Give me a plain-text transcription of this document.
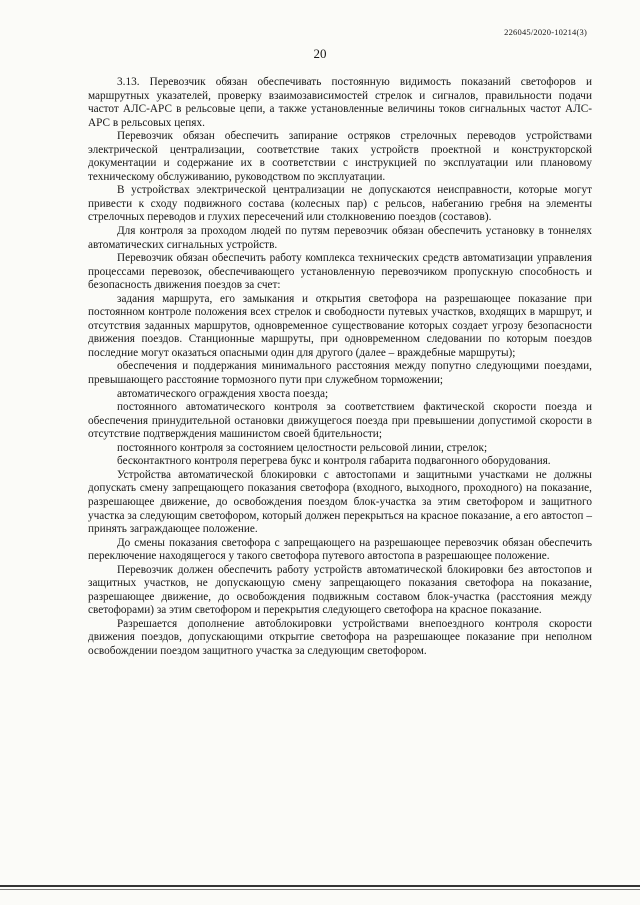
226045/2020-10214(3)
20

3.13. Перевозчик обязан обеспечивать постоянную видимость показаний светофоров и маршрутных указателей, проверку взаимозависимостей стрелок и сигналов, правильности подачи частот АЛС-АРС в рельсовые цепи, а также установленные величины токов сигнальных частот АЛС-АРС в рельсовых цепях.

Перевозчик обязан обеспечить запирание остряков стрелочных переводов устройствами электрической централизации, соответствие таких устройств проектной и конструкторской документации и содержание их в соответствии с инструкцией по эксплуатации или плановому техническому обслуживанию, руководством по эксплуатации.

В устройствах электрической централизации не допускаются неисправности, которые могут привести к сходу подвижного состава (колесных пар) с рельсов, набеганию гребня на элементы стрелочных переводов и глухих пересечений или столкновению поездов (составов).

Для контроля за проходом людей по путям перевозчик обязан обеспечить установку в тоннелях автоматических сигнальных устройств.

Перевозчик обязан обеспечить работу комплекса технических средств автоматизации управления процессами перевозок, обеспечивающего установленную перевозчиком пропускную способность и безопасность движения поездов за счет:

задания маршрута, его замыкания и открытия светофора на разрешающее показание при постоянном контроле положения всех стрелок и свободности путевых участков, входящих в маршрут, и отсутствия заданных маршрутов, одновременное существование которых создает угрозу безопасности движения поездов. Станционные маршруты, при одновременном следовании по которым поездов последние могут оказаться опасными один для другого (далее – враждебные маршруты);

обеспечения и поддержания минимального расстояния между попутно следующими поездами, превышающего расстояние тормозного пути при служебном торможении;

автоматического ограждения хвоста поезда;

постоянного автоматического контроля за соответствием фактической скорости поезда и обеспечения принудительной остановки движущегося поезда при превышении допустимой скорости в отсутствие подтверждения машинистом своей бдительности;

постоянного контроля за состоянием целостности рельсовой линии, стрелок;

бесконтактного контроля перегрева букс и контроля габарита подвагонного оборудования.

Устройства автоматической блокировки с автостопами и защитными участками не должны допускать смену запрещающего показания светофора (входного, выходного, проходного) на показание, разрешающее движение, до освобождения поездом блок-участка за этим светофором и защитного участка за следующим светофором, который должен перекрыться на красное показание, а его автостоп – принять заграждающее положение.

До смены показания светофора с запрещающего на разрешающее перевозчик обязан обеспечить переключение находящегося у такого светофора путевого автостопа в разрешающее положение.

Перевозчик должен обеспечить работу устройств автоматической блокировки без автостопов и защитных участков, не допускающую смену запрещающего показания светофора на показание, разрешающее движение, до освобождения подвижным составом блок-участка (расстояния между светофорами) за этим светофором и перекрытия следующего светофора на красное показание.

Разрешается дополнение автоблокировки устройствами внепоездного контроля скорости движения поездов, допускающими открытие светофора на разрешающее показание при неполном освобождении поездом защитного участка за следующим светофором.
